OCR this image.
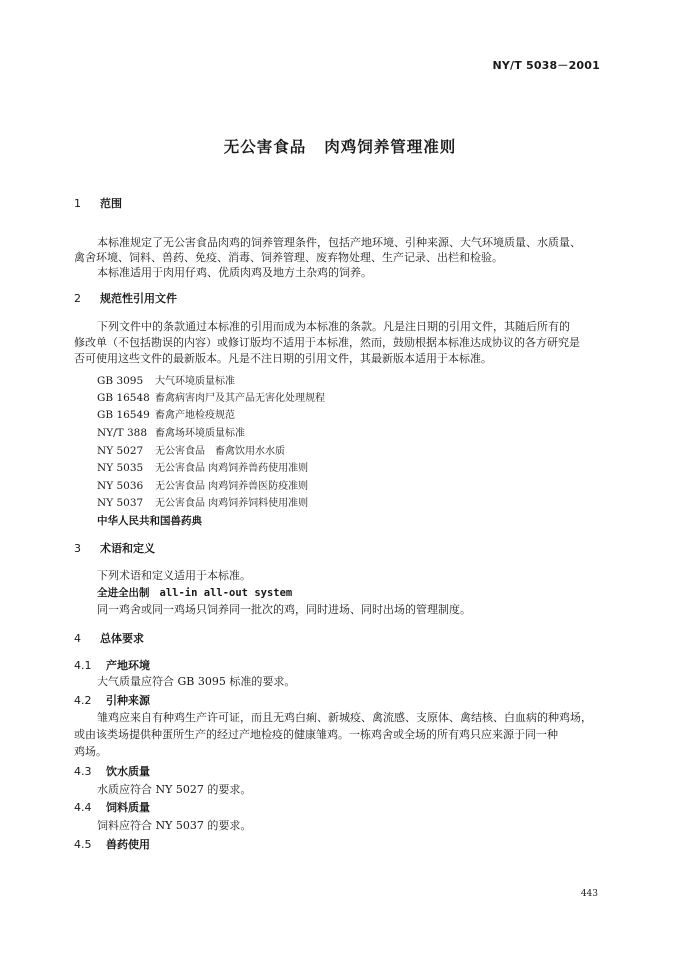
NY/T 5038－2001
无公害食品 肉鸡饲养管理准则
1 范围
本标准规定了无公害食品肉鸡的饲养管理条件，包括产地环境、引种来源、大气环境质量、水质量、
禽舍环境、饲料、兽药、免疫、消毒、饲养管理、废弃物处理、生产记录、出栏和检验。
本标准适用于肉用仔鸡、优质肉鸡及地方土杂鸡的饲养。
2 规范性引用文件
下列文件中的条款通过本标准的引用而成为本标准的条款。凡是注日期的引用文件，其随后所有的
修改单（不包括勘误的内容）或修订版均不适用于本标准，然而，鼓励根据本标准达成协议的各方研究是
否可使用这些文件的最新版本。凡是不注日期的引用文件，其最新版本适用于本标准。
GB 3095 大气环境质量标准
GB 16548 畜禽病害肉尸及其产品无害化处理规程
GB 16549 畜禽产地检疫规范
NY/T 388 畜禽场环境质量标准
NY 5027 无公害食品　畜禽饮用水水质
NY 5035 无公害食品 肉鸡饲养兽药使用准则
NY 5036 无公害食品 肉鸡饲养兽医防疫准则
NY 5037 无公害食品 肉鸡饲养饲料使用准则
中华人民共和国兽药典
3 术语和定义
下列术语和定义适用于本标准。
全进全出制 all-in all-out system
同一鸡舍或同一鸡场只饲养同一批次的鸡，同时进场、同时出场的管理制度。
4 总体要求
4.1 产地环境
大气质量应符合 GB 3095 标准的要求。
4.2 引种来源
雏鸡应来自有种鸡生产许可证，而且无鸡白痢、新城疫、禽流感、支原体、禽结核、白血病的种鸡场，
或由该类场提供种蛋所生产的经过产地检疫的健康雏鸡。一栋鸡舍或全场的所有鸡只应来源于同一种
鸡场。
4.3 饮水质量
水质应符合 NY 5027 的要求。
4.4 饲料质量
饲料应符合 NY 5037 的要求。
4.5 兽药使用
443
